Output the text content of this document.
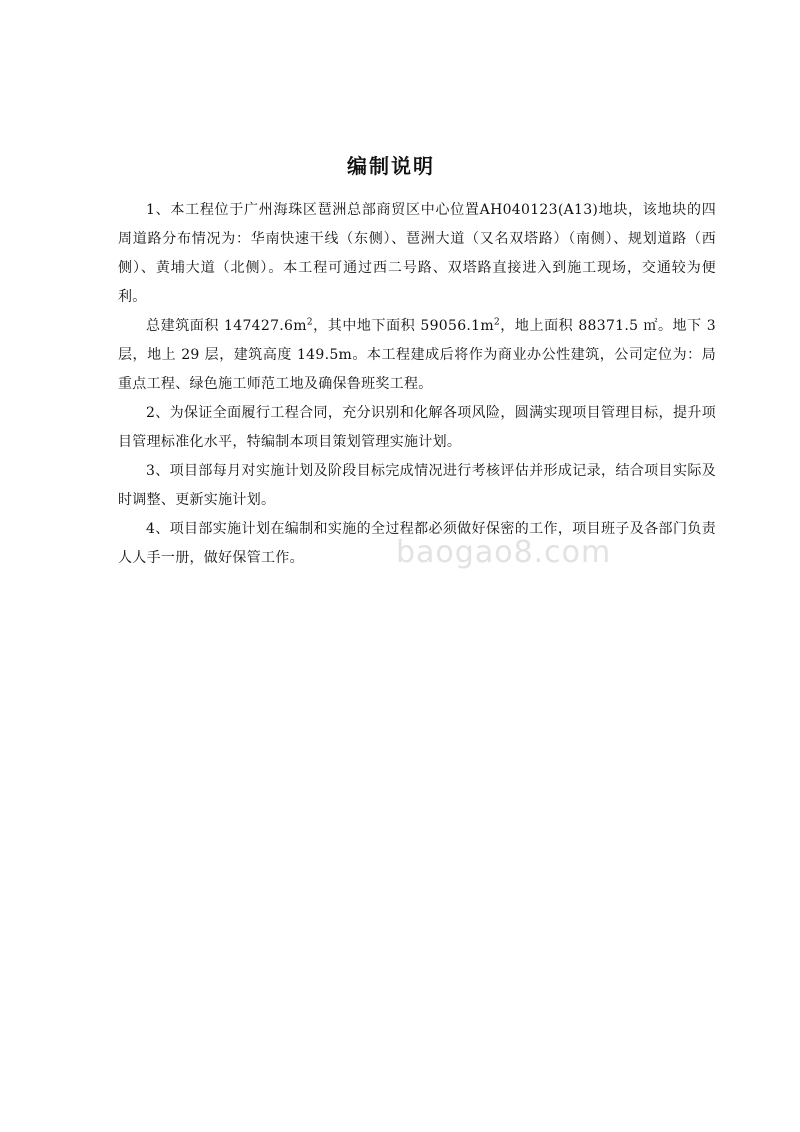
编制说明

1、本工程位于广州海珠区琶洲总部商贸区中心位置AH040123(A13)地块，该地块的四周道路分布情况为：华南快速干线（东侧）、琶洲大道（又名双塔路）（南侧）、规划道路（西侧）、黄埔大道（北侧）。本工程可通过西二号路、双塔路直接进入到施工现场，交通较为便利。

总建筑面积 $147427.6m^2$，其中地下面积 $59056.1m^2$，地上面积 88371.5 ㎡。地下 3 层，地上 29 层，建筑高度 149.5m。本工程建成后将作为商业办公性建筑，公司定位为：局重点工程、绿色施工师范工地及确保鲁班奖工程。

2、为保证全面履行工程合同，充分识别和化解各项风险，圆满实现项目管理目标，提升项目管理标准化水平，特编制本项目策划管理实施计划。

3、项目部每月对实施计划及阶段目标完成情况进行考核评估并形成记录，结合项目实际及时调整、更新实施计划。

4、项目部实施计划在编制和实施的全过程都必须做好保密的工作，项目班子及各部门负责人人手一册，做好保管工作。	baogao8.com
